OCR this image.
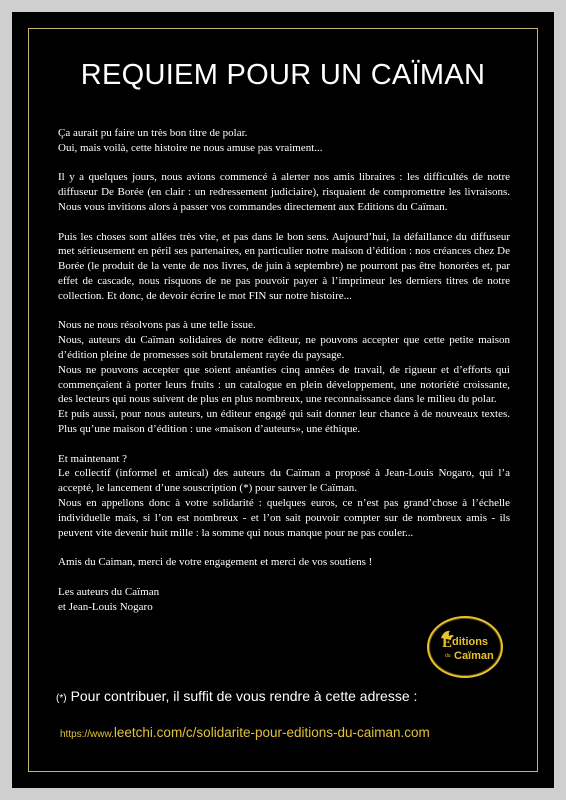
REQUIEM POUR UN CAÏMAN

Ça aurait pu faire un très bon titre de polar.
Oui, mais voilà, cette histoire ne nous amuse pas vraiment...

Il y a quelques jours, nous avions commencé à alerter nos amis libraires : les difficultés de notre diffuseur De Borée (en clair : un redressement judiciaire), risquaient de compromettre les livraisons. Nous vous invitions alors à passer vos commandes directement aux Editions du Caïman.

Puis les choses sont allées très vite, et pas dans le bon sens. Aujourd’hui, la défaillance du diffuseur met sérieusement en péril ses partenaires, en particulier notre maison d’édition : nos créances chez De Borée (le produit de la vente de nos livres, de juin à septembre) ne pourront pas être honorées et, par effet de cascade, nous risquons de ne pas pouvoir payer à l’imprimeur les derniers titres de notre collection. Et donc, de devoir écrire le mot FIN sur notre histoire...

Nous ne nous résolvons pas à une telle issue.
Nous, auteurs du Caïman solidaires de notre éditeur, ne pouvons accepter que cette petite maison d’édition pleine de promesses soit brutalement rayée du paysage.
Nous ne pouvons accepter que soient anéanties cinq années de travail, de rigueur et d’efforts qui commençaient à porter leurs fruits : un catalogue en plein développement, une notoriété croissante, des lecteurs qui nous suivent de plus en plus nombreux, une reconnaissance dans le milieu du polar.
Et puis aussi, pour nous auteurs, un éditeur engagé qui sait donner leur chance à de nouveaux textes. Plus qu’une maison d’édition : une «maison d’auteurs», une éthique.

Et maintenant ?
Le collectif (informel et amical) des auteurs du Caïman a proposé à Jean-Louis Nogaro, qui l’a accepté, le lancement d’une souscription (*) pour sauver le Caïman.
Nous en appellons donc à votre solidarité : quelques euros, ce n’est pas grand’chose à l’échelle individuelle mais, si l’on est nombreux - et l’on sait pouvoir compter sur de nombreux amis - ils peuvent vite devenir huit mille : la somme qui nous manque pour ne pas couler...

Amis du Caiman, merci de votre engagement et merci de vos soutiens !

Les auteurs du Caïman
et Jean-Louis Nogaro

É ditions
du Caïman
(*) Pour contribuer, il suffit de vous rendre à cette adresse :
https://www.leetchi.com/c/solidarite-pour-editions-du-caiman.com
